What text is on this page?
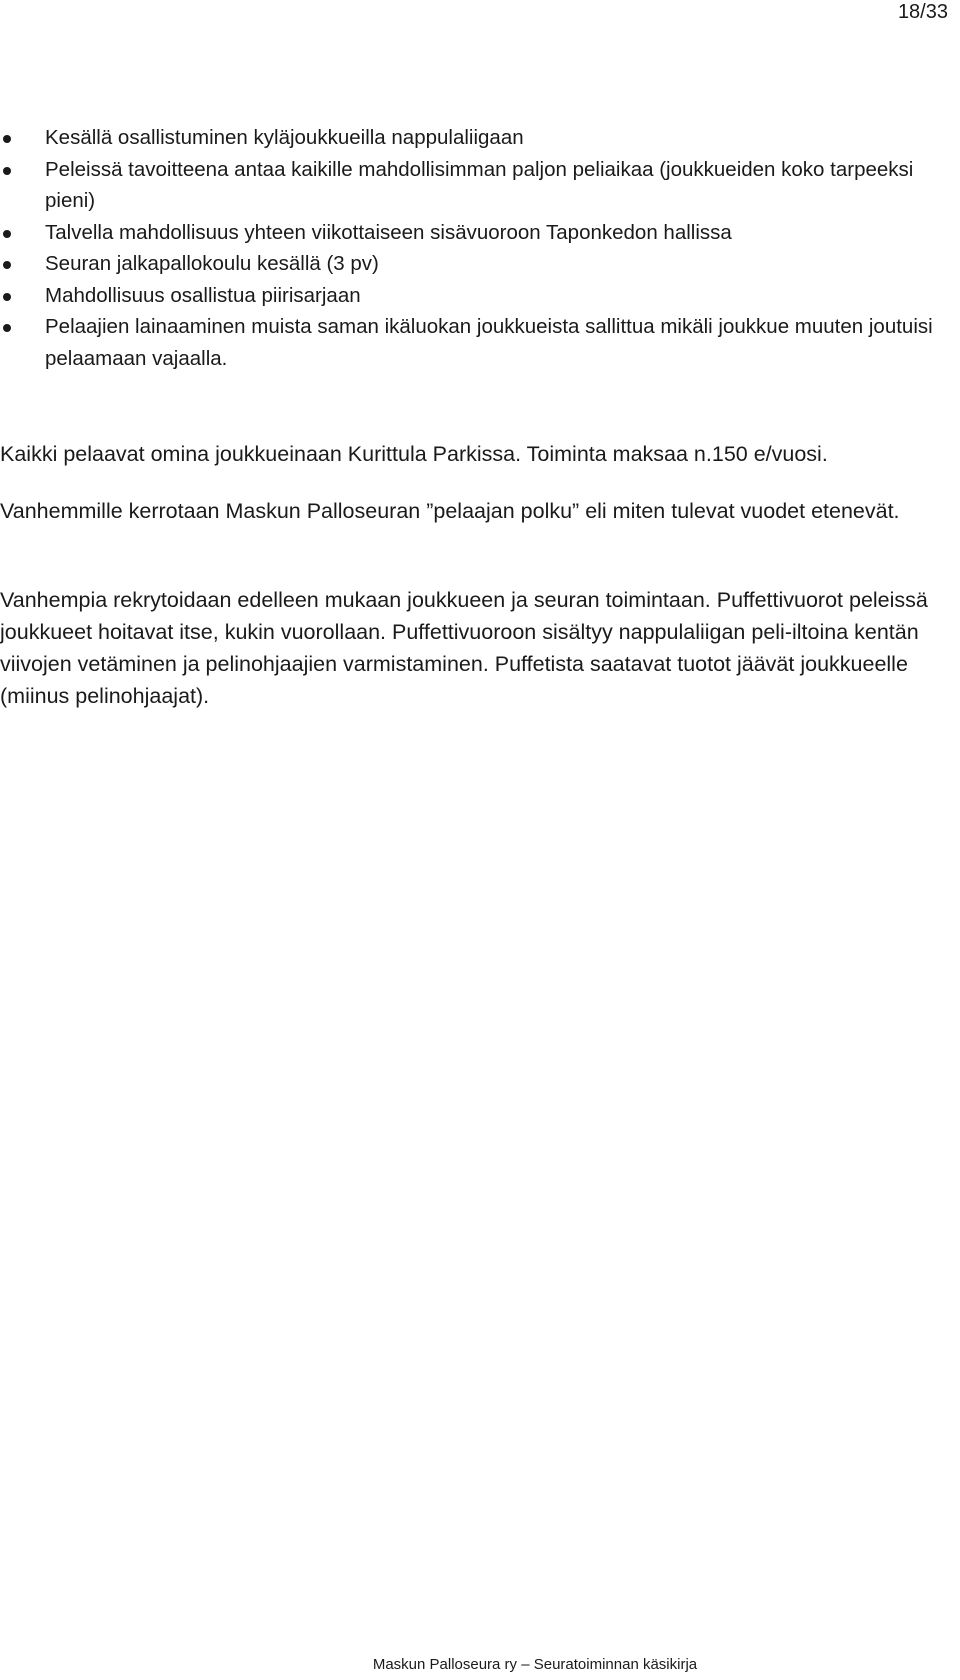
18/33
Kesällä osallistuminen kyläjoukkueilla nappulaliigaan
Peleissä tavoitteena antaa kaikille mahdollisimman paljon peliaikaa (joukkueiden koko tarpeeksi pieni)
Talvella mahdollisuus yhteen viikottaiseen sisävuoroon Taponkedon hallissa
Seuran jalkapallokoulu kesällä (3 pv)
Mahdollisuus osallistua piirisarjaan
Pelaajien lainaaminen muista saman ikäluokan joukkueista sallittua mikäli joukkue muuten joutuisi pelaamaan vajaalla.

Kaikki pelaavat omina joukkueinaan Kurittula Parkissa. Toiminta maksaa n.150 e/vuosi.

Vanhemmille kerrotaan Maskun Palloseuran ”pelaajan polku” eli miten tulevat vuodet etenevät.

Vanhempia rekrytoidaan edelleen mukaan joukkueen ja seuran toimintaan. Puffettivuorot peleissä joukkueet hoitavat itse, kukin vuorollaan. Puffettivuoroon sisältyy nappulaliigan peli-iltoina kentän viivojen vetäminen ja pelinohjaajien varmistaminen. Puffetista saatavat tuotot jäävät joukkueelle (miinus pelinohjaajat).

Maskun Palloseura ry – Seuratoiminnan käsikirja
